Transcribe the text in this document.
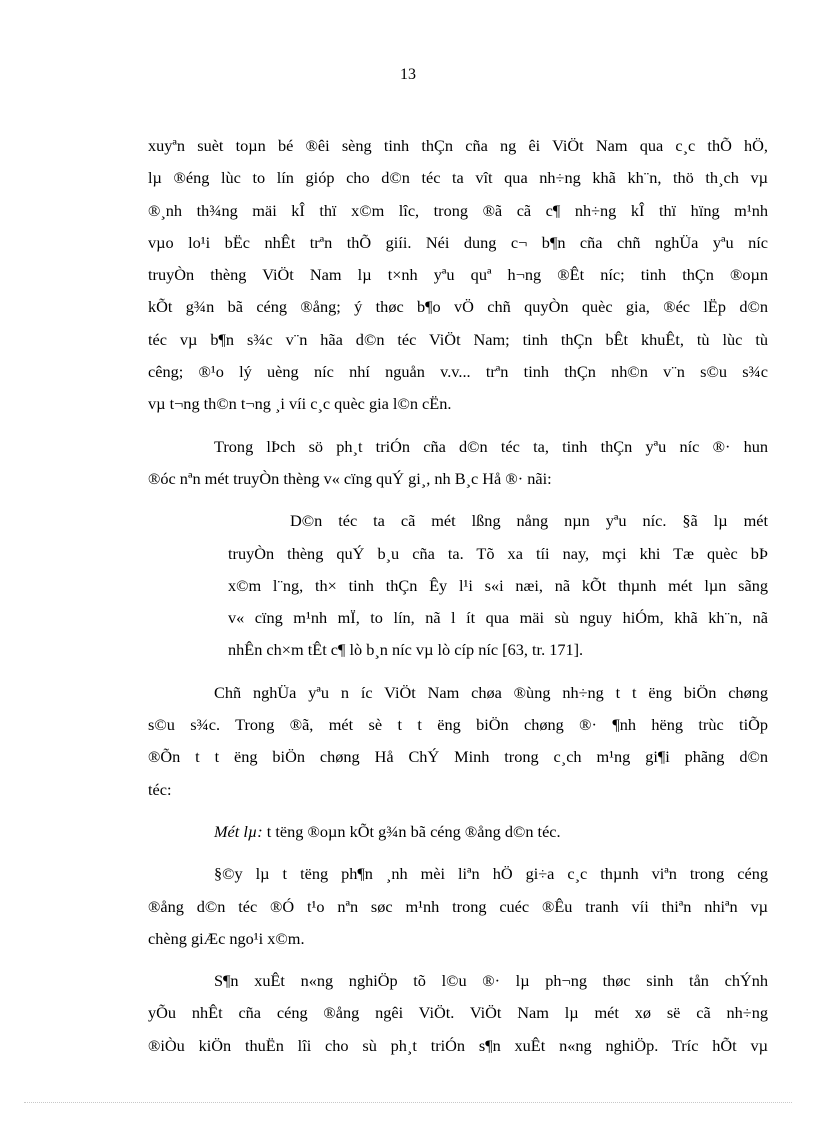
13

xuyªn suèt toµn bé ®êi sèng tinh thÇn cña ng êi ViÖt Nam qua c¸c thÕ hÖ,

lµ ®éng lùc to lín gióp cho d©n téc ta vît qua nh÷ng khã kh¨n, thö th¸ch vµ

®¸nh th¾ng mäi kÎ thï x©m lîc, trong ®ã cã c¶ nh÷ng kÎ thï hïng m¹nh

vµo lo¹i bËc nhÊt trªn thÕ giíi. Néi dung c¬ b¶n cña chñ nghÜa yªu níc

truyÒn thèng ViÖt Nam lµ t×nh yªu quª h¬ng ®Êt níc; tinh thÇn ®oµn

kÕt g¾n bã céng ®ång; ý thøc b¶o vÖ chñ quyÒn quèc gia, ®éc lËp d©n

téc vµ b¶n s¾c v¨n hãa d©n téc ViÖt Nam; tinh thÇn bÊt khuÊt, tù lùc tù

cêng; ®¹o lý uèng níc nhí nguån v.v... trªn tinh thÇn nh©n v¨n s©u s¾c

vµ t¬ng th©n t¬ng ¸i víi c¸c quèc gia l©n cËn.

Trong lÞch sö ph¸t triÓn cña d©n téc ta, tinh thÇn yªu níc ®· hun

®óc nªn mét truyÒn thèng v« cïng quÝ gi¸, nh B¸c Hå ®· nãi:

D©n téc ta cã mét lßng nång nµn yªu níc. §ã lµ mét

truyÒn thèng quÝ b¸u cña ta. Tõ xa tíi nay, mçi khi Tæ quèc bÞ

x©m l¨ng, th× tinh thÇn Êy l¹i s«i næi, nã kÕt thµnh mét lµn sãng

v« cïng m¹nh mÏ, to lín, nã l ít qua mäi sù nguy hiÓm, khã kh¨n, nã

nhÊn ch×m tÊt c¶ lò b¸n níc vµ lò cíp níc [63, tr. 171].

Chñ nghÜa yªu n íc ViÖt Nam chøa ®ùng nh÷ng t t ëng biÖn chøng

s©u s¾c. Trong ®ã, mét sè t t ëng biÖn chøng ®· ¶nh hëng trùc tiÕp

®Õn t t ëng biÖn chøng Hå ChÝ Minh trong c¸ch m¹ng gi¶i phãng d©n

téc:

Mét lµ: t tëng ®oµn kÕt g¾n bã céng ®ång d©n téc.

§©y lµ t tëng ph¶n ¸nh mèi liªn hÖ gi÷a c¸c thµnh viªn trong céng

®ång d©n téc ®Ó t¹o nªn søc m¹nh trong cuéc ®Êu tranh víi thiªn nhiªn vµ

chèng giÆc ngo¹i x©m.

S¶n xuÊt n«ng nghiÖp tõ l©u ®· lµ ph¬ng thøc sinh tån chÝnh

yÕu nhÊt cña céng ®ång ngêi ViÖt. ViÖt Nam lµ mét xø së cã nh÷ng

®iÒu kiÖn thuËn lîi cho sù ph¸t triÓn s¶n xuÊt n«ng nghiÖp. Tríc hÕt vµ
